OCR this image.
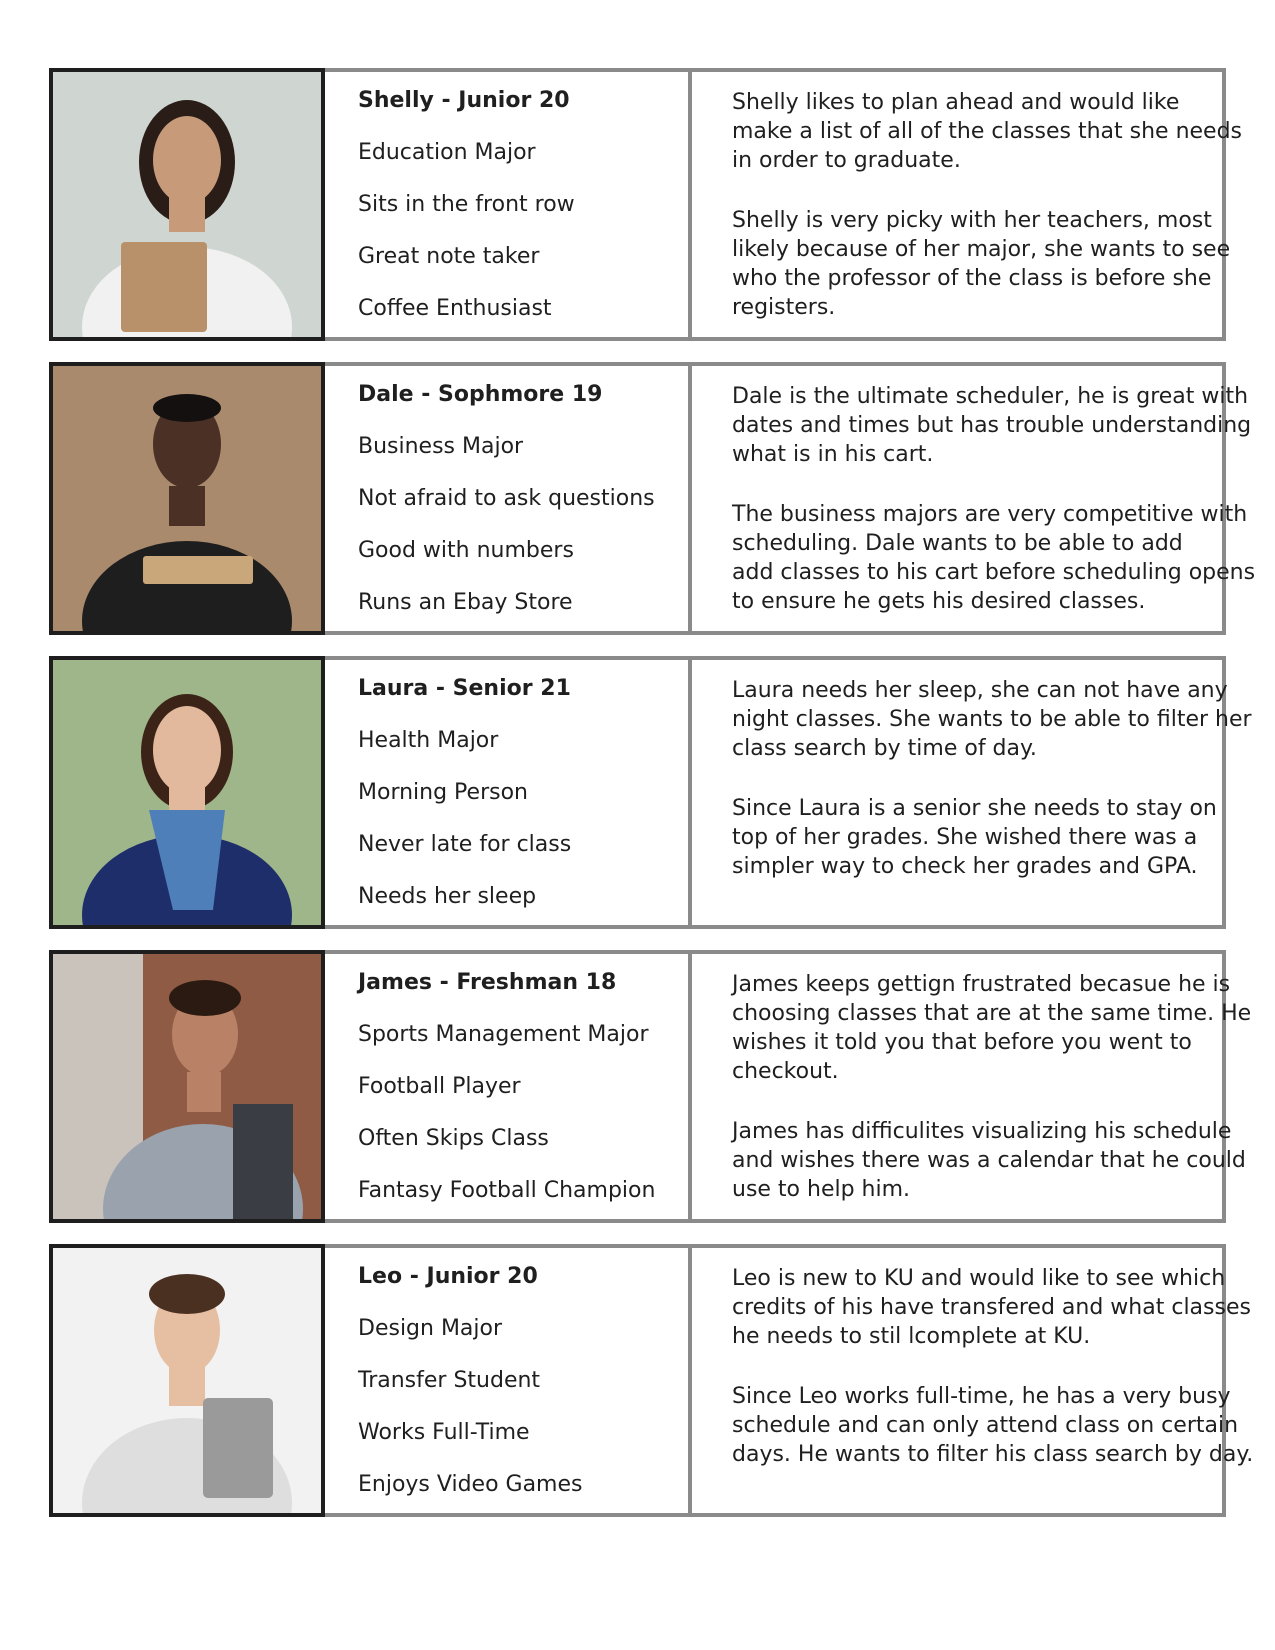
Shelly - Junior 20
Education Major
Sits in the front row
Great note taker
Coffee Enthusiast

Shelly likes to plan ahead and would like
make a list of all of the classes that she needs
in order to graduate.

Shelly is very picky with her teachers, most
likely because of her major, she wants to see
who the professor of the class is before she
registers.

Dale - Sophmore 19
Business Major
Not afraid to ask questions
Good with numbers
Runs an Ebay Store

Dale is the ultimate scheduler, he is great with
dates and times but has trouble understanding
what is in his cart.

The business majors are very competitive with
scheduling. Dale wants to be able to add
add classes to his cart before scheduling opens
to ensure he gets his desired classes.

Laura - Senior 21
Health Major
Morning Person
Never late for class
Needs her sleep

Laura needs her sleep, she can not have any
night classes. She wants to be able to filter her
class search by time of day.

Since Laura is a senior she needs to stay on
top of her grades. She wished there was a
simpler way to check her grades and GPA.

James - Freshman 18
Sports Management Major
Football Player
Often Skips Class
Fantasy Football Champion

James keeps gettign frustrated becasue he is
choosing classes that are at the same time. He
wishes it told you that before you went to
checkout.

James has difficulites visualizing his schedule
and wishes there was a calendar that he could
use to help him.

Leo - Junior 20
Design Major
Transfer Student
Works Full-Time
Enjoys Video Games

Leo is new to KU and would like to see which
credits of his have transfered and what classes
he needs to stil lcomplete at KU.

Since Leo works full-time, he has a very busy
schedule and can only attend class on certain
days. He wants to filter his class search by day.
